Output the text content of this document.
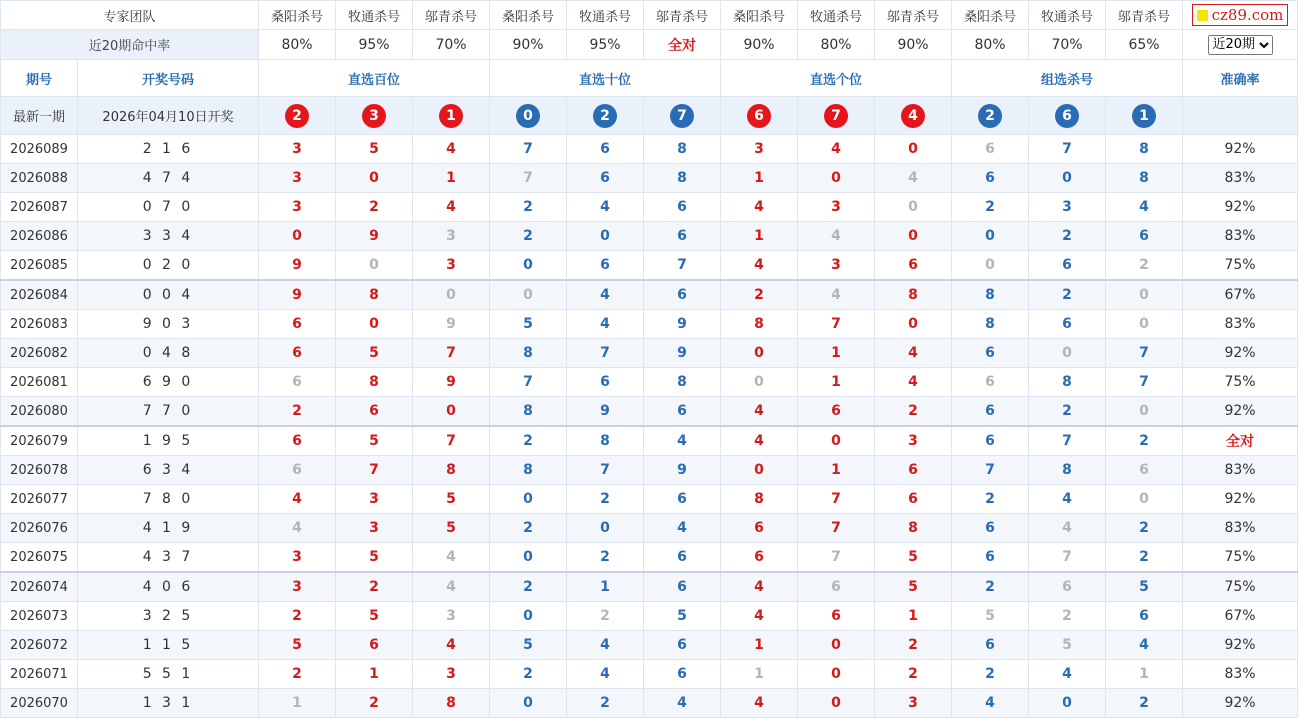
专家团队		桑阳杀号	牧通杀号	邬青杀号	桑阳杀号	牧通杀号	邬青杀号	桑阳杀号	牧通杀号	邬青杀号	桑阳杀号	牧通杀号	邬青杀号	cz89.com

近20期命中率		80%	95%	70%	90%	95%	全对	90%	80%	90%	80%	70%	65%	
近20期
期号	开奖号码	直选百位			直选十位			直选个位			组选杀号			准确率
最新一期	2026年04月10日开奖	2	3	1	0	2	7	6	7	4	2	6	1	
2026089	2 1 6	3	5	4	7	6	8	3	4	0	6	7	8	92%
2026088	4 7 4	3	0	1	7	6	8	1	0	4	6	0	8	83%
2026087	0 7 0	3	2	4	2	4	6	4	3	0	2	3	4	92%
2026086	3 3 4	0	9	3	2	0	6	1	4	0	0	2	6	83%
2026085	0 2 0	9	0	3	0	6	7	4	3	6	0	6	2	75%
2026084	0 0 4	9	8	0	0	4	6	2	4	8	8	2	0	67%
2026083	9 0 3	6	0	9	5	4	9	8	7	0	8	6	0	83%
2026082	0 4 8	6	5	7	8	7	9	0	1	4	6	0	7	92%
2026081	6 9 0	6	8	9	7	6	8	0	1	4	6	8	7	75%
2026080	7 7 0	2	6	0	8	9	6	4	6	2	6	2	0	92%
2026079	1 9 5	6	5	7	2	8	4	4	0	3	6	7	2	全对
2026078	6 3 4	6	7	8	8	7	9	0	1	6	7	8	6	83%
2026077	7 8 0	4	3	5	0	2	6	8	7	6	2	4	0	92%
2026076	4 1 9	4	3	5	2	0	4	6	7	8	6	4	2	83%
2026075	4 3 7	3	5	4	0	2	6	6	7	5	6	7	2	75%
2026074	4 0 6	3	2	4	2	1	6	4	6	5	2	6	5	75%
2026073	3 2 5	2	5	3	0	2	5	4	6	1	5	2	6	67%
2026072	1 1 5	5	6	4	5	4	6	1	0	2	6	5	4	92%
2026071	5 5 1	2	1	3	2	4	6	1	0	2	2	4	1	83%
2026070	1 3 1	1	2	8	0	2	4	4	0	3	4	0	2	92%
